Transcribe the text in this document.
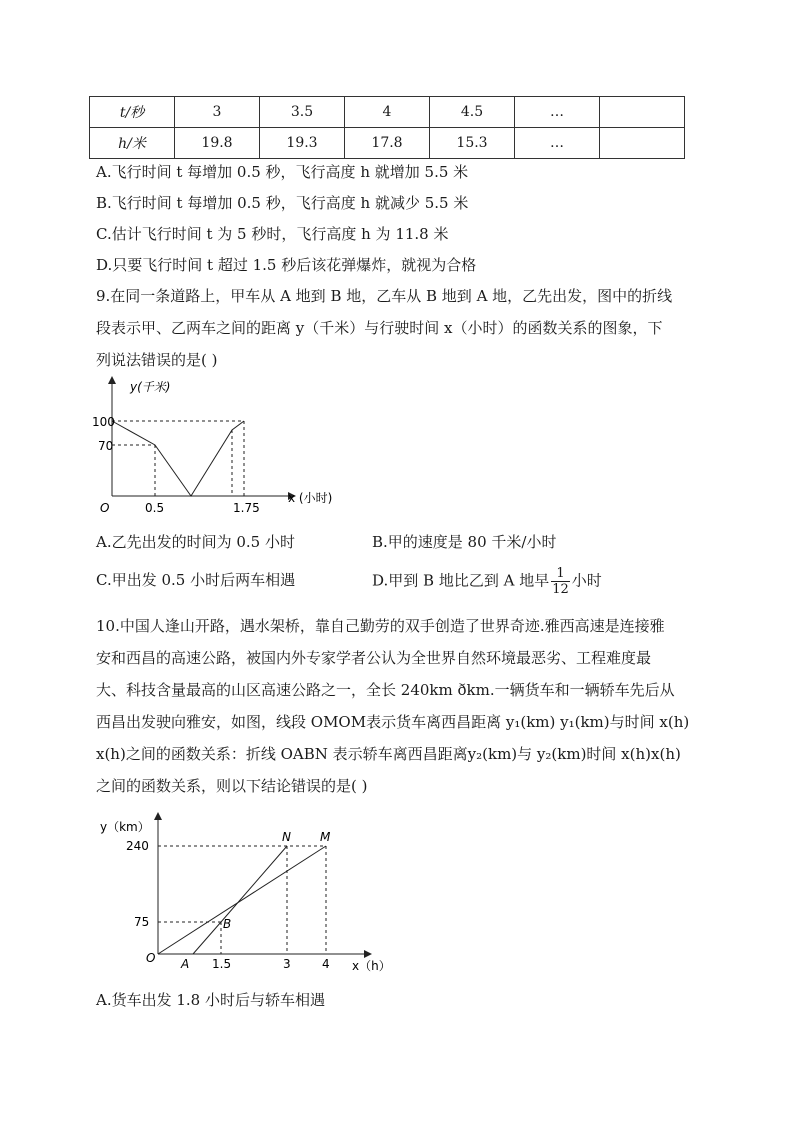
t/秒	3	3.5	4	4.5	…	
h/米	19.8	19.3	17.8	15.3	…	
A.飞行时间 t 每增加 0.5 秒，飞行高度 h 就增加 5.5 米
B.飞行时间 t 每增加 0.5 秒，飞行高度 h 就减少 5.5 米
C.估计飞行时间 t 为 5 秒时，飞行高度 h 为 11.8 米
D.只要飞行时间 t 超过 1.5 秒后该花弹爆炸，就视为合格
9.在同一条道路上，甲车从 A 地到 B 地，乙车从 B 地到 A 地，乙先出发，图中的折线
段表示甲、乙两车之间的距离 y（千米）与行驶时间 x（小时）的函数关系的图象，下
列说法错误的是( )
y(千米)
100
70
O	0.5	1.75
x (小时)
A.乙先出发的时间为 0.5 小时	B.甲的速度是 80 千米/小时
C.甲出发 0.5 小时后两车相遇	D.甲到 B 地比乙到 A 地早 $\frac{1}{12}$ 小时
10.中国人逢山开路，遇水架桥，靠自己勤劳的双手创造了世界奇迹.雅西高速是连接雅
安和西昌的高速公路，被国内外专家学者公认为全世界自然环境最恶劣、工程难度最
大、科技含量最高的山区高速公路之一，全长 240km ðkm.一辆货车和一辆轿车先后从
西昌出发驶向雅安，如图，线段 OMOM表示货车离西昌距离 y₁(km) y₁(km)与时间 x(h)
x(h)之间的函数关系：折线 OABN 表示轿车离西昌距离y₂(km)与 y₂(km)时间 x(h)x(h)
之间的函数关系，则以下结论错误的是( )
y（km）
240
75
O A
B
N M
1.5	3	4 x（h）
A.货车出发 1.8 小时后与轿车相遇
